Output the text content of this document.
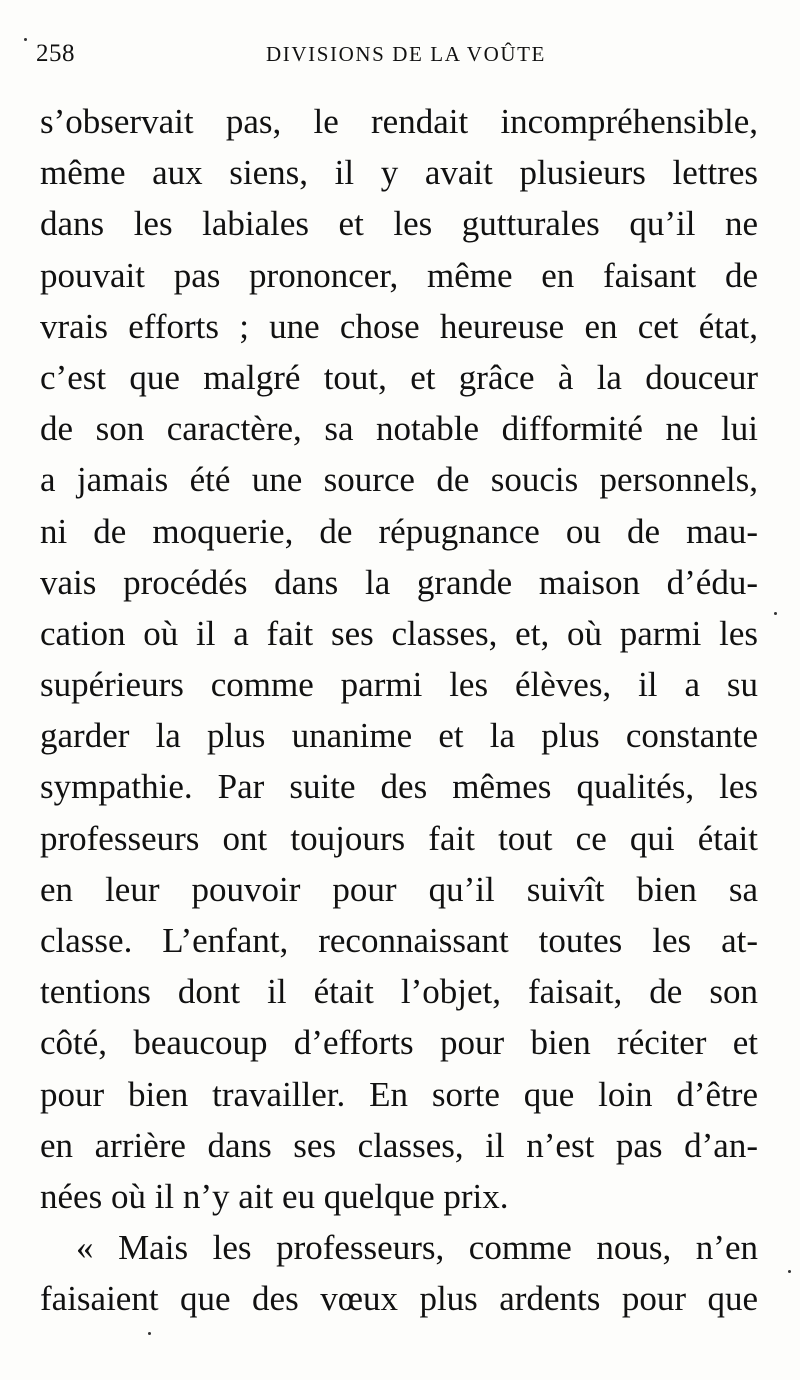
258	DIVISIONS DE LA VOÛTE
s’observait pas, le rendait incompréhensible,
même aux siens, il y avait plusieurs lettres
dans les labiales et les gutturales qu’il ne
pouvait pas prononcer, même en faisant de
vrais efforts ; une chose heureuse en cet état,
c’est que malgré tout, et grâce à la douceur
de son caractère, sa notable difformité ne lui
a jamais été une source de soucis personnels,
ni de moquerie, de répugnance ou de mau-
vais procédés dans la grande maison d’édu-
cation où il a fait ses classes, et, où parmi les
supérieurs comme parmi les élèves, il a su
garder la plus unanime et la plus constante
sympathie. Par suite des mêmes qualités, les
professeurs ont toujours fait tout ce qui était
en leur pouvoir pour qu’il suivît bien sa
classe. L’enfant, reconnaissant toutes les at-
tentions dont il était l’objet, faisait, de son
côté, beaucoup d’efforts pour bien réciter et
pour bien travailler. En sorte que loin d’être
en arrière dans ses classes, il n’est pas d’an-
nées où il n’y ait eu quelque prix.
« Mais les professeurs, comme nous, n’en
faisaient que des vœux plus ardents pour que
